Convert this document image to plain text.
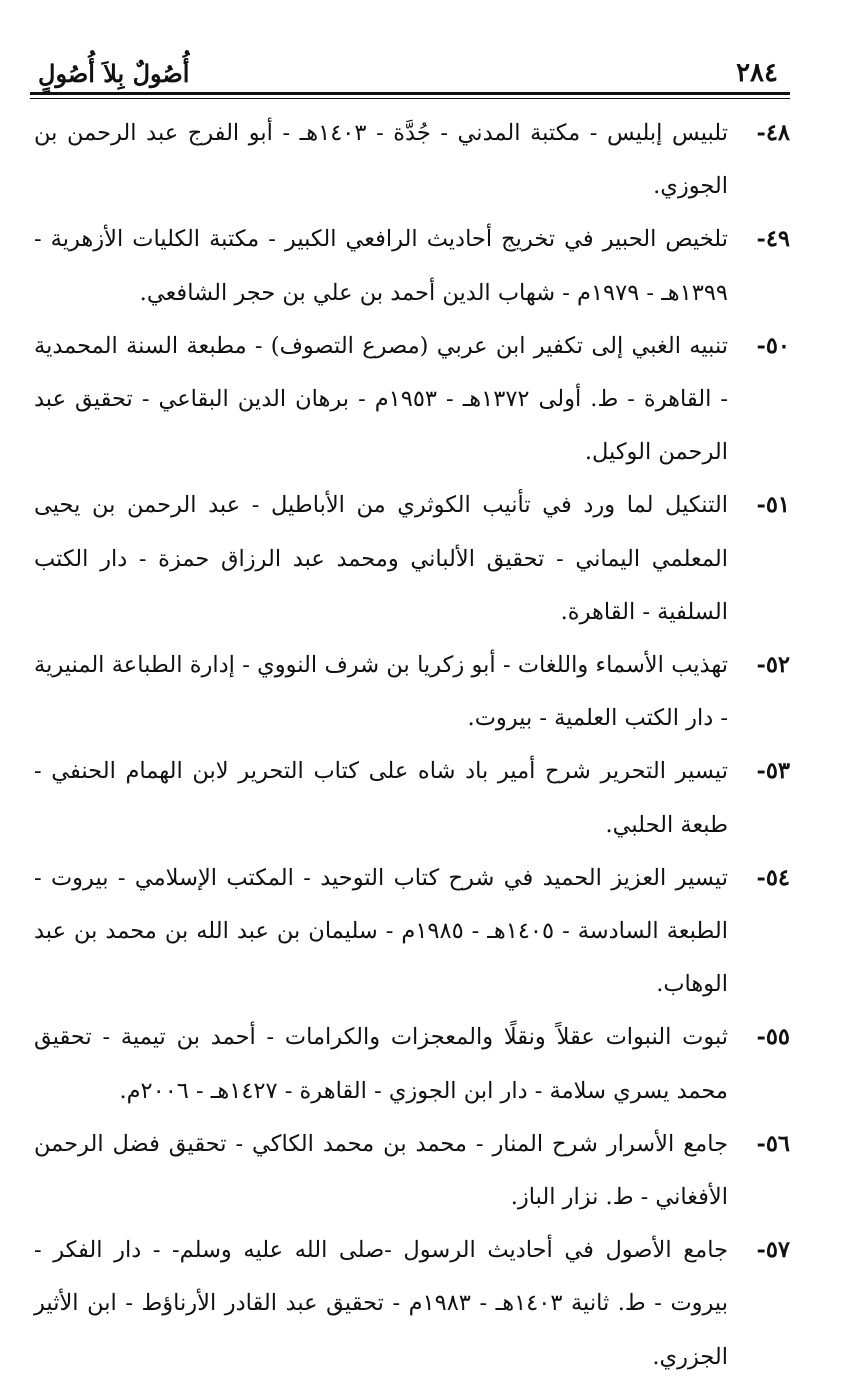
٢٨٤
أُصُولٌ بِلاَ أُصُولٍ
٤٨-
تلبيس إبليس - مكتبة المدني - جُدَّة - ١٤٠٣هـ - أبو الفرج عبد الرحمن بن الجوزي.
٤٩-
تلخيص الحبير في تخريج أحاديث الرافعي الكبير - مكتبة الكليات الأزهرية - ١٣٩٩هـ - ١٩٧٩م - شهاب الدين أحمد بن علي بن حجر الشافعي.
٥٠-
تنبيه الغبي إلى تكفير ابن عربي (مصرع التصوف) - مطبعة السنة المحمدية - القاهرة - ط. أولى ١٣٧٢هـ - ١٩٥٣م - برهان الدين البقاعي - تحقيق عبد الرحمن الوكيل.
٥١-
التنكيل لما ورد في تأنيب الكوثري من الأباطيل - عبد الرحمن بن يحيى المعلمي اليماني - تحقيق الألباني ومحمد عبد الرزاق حمزة - دار الكتب السلفية - القاهرة.
٥٢-
تهذيب الأسماء واللغات - أبو زكريا بن شرف النووي - إدارة الطباعة المنيرية - دار الكتب العلمية - بيروت.
٥٣-
تيسير التحرير شرح أمير باد شاه على كتاب التحرير لابن الهمام الحنفي - طبعة الحلبي.
٥٤-
تيسير العزيز الحميد في شرح كتاب التوحيد - المكتب الإسلامي - بيروت - الطبعة السادسة - ١٤٠٥هـ - ١٩٨٥م - سليمان بن عبد الله بن محمد بن عبد الوهاب.
٥٥-
ثبوت النبوات عقلاً ونقلًا والمعجزات والكرامات - أحمد بن تيمية - تحقيق محمد يسري سلامة - دار ابن الجوزي - القاهرة - ١٤٢٧هـ - ٢٠٠٦م.
٥٦-
جامع الأسرار شرح المنار - محمد بن محمد الكاكي - تحقيق فضل الرحمن الأفغاني - ط. نزار الباز.
٥٧-
جامع الأصول في أحاديث الرسول -صلى الله عليه وسلم- - دار الفكر - بيروت - ط. ثانية ١٤٠٣هـ - ١٩٨٣م - تحقيق عبد القادر الأرناؤط - ابن الأثير الجزري.
